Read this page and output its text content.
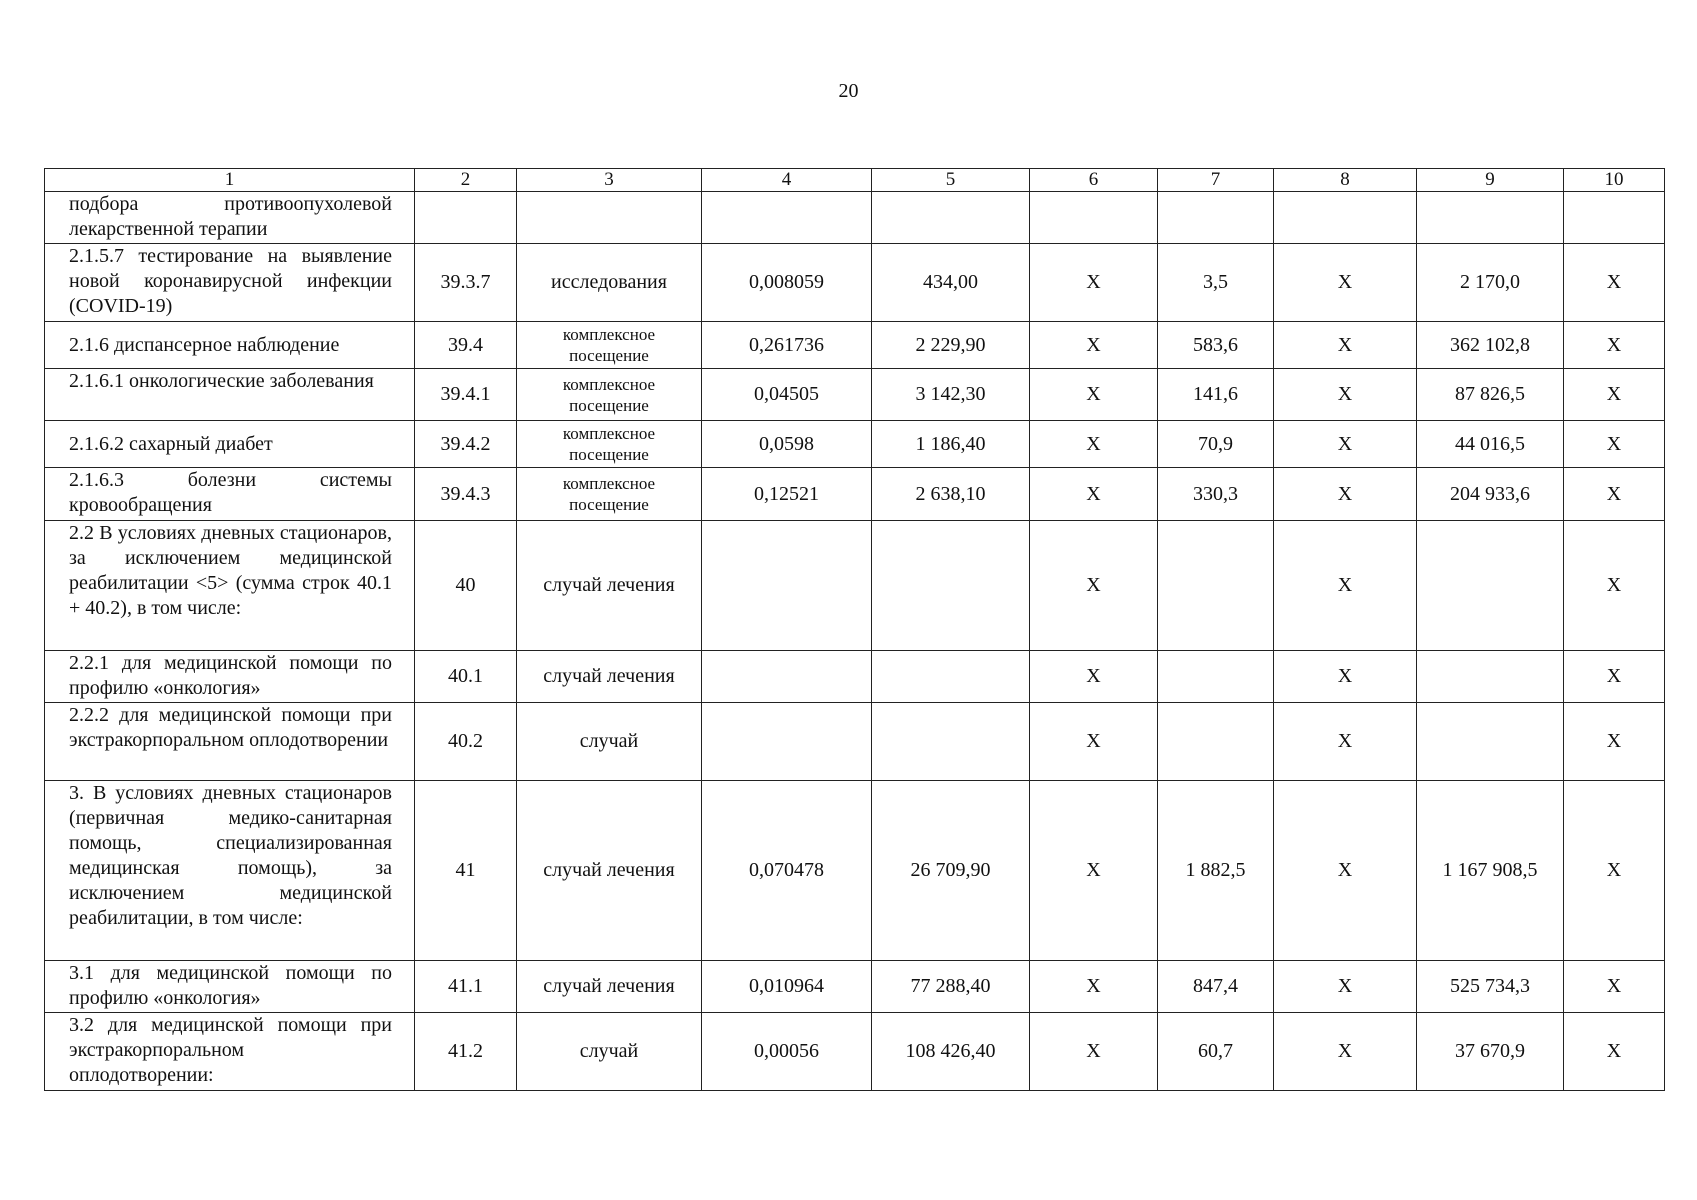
20
1	2	3	4	5	6	7	8	9	10
подбора противоопухолевой лекарственной терапии									
2.1.5.7 тестирование на выявление новой коронавирусной инфекции (COVID-19)	39.3.7	исследования	0,008059	434,00	Х	3,5	Х	2 170,0	Х
2.1.6 диспансерное наблюдение	39.4	комплексное посещение	0,261736	2 229,90	Х	583,6	Х	362 102,8	Х
2.1.6.1 онкологические заболевания	39.4.1	комплексное посещение	0,04505	3 142,30	Х	141,6	Х	87 826,5	Х
2.1.6.2 сахарный диабет	39.4.2	комплексное посещение	0,0598	1 186,40	Х	70,9	Х	44 016,5	Х
2.1.6.3 болезни системы кровообращения	39.4.3	комплексное посещение	0,12521	2 638,10	Х	330,3	Х	204 933,6	Х
2.2 В условиях дневных стационаров, за исключением медицинской реабилитации <5> (сумма строк 40.1 + 40.2), в том числе:	40	случай лечения			Х		Х		Х
2.2.1 для медицинской помощи по профилю «онкология»	40.1	случай лечения			Х		Х		Х
2.2.2 для медицинской помощи при экстракорпоральном оплодотворении	40.2	случай			Х		Х		Х
3. В условиях дневных стационаров (первичная медико-санитарная помощь, специализированная медицинская помощь), за исключением медицинской реабилитации, в том числе:	41	случай лечения	0,070478	26 709,90	Х	1 882,5	Х	1 167 908,5	Х
3.1 для медицинской помощи по профилю «онкология»	41.1	случай лечения	0,010964	77 288,40	Х	847,4	Х	525 734,3	Х
3.2 для медицинской помощи при экстракорпоральном оплодотворении:	41.2	случай	0,00056	108 426,40	Х	60,7	Х	37 670,9	Х
